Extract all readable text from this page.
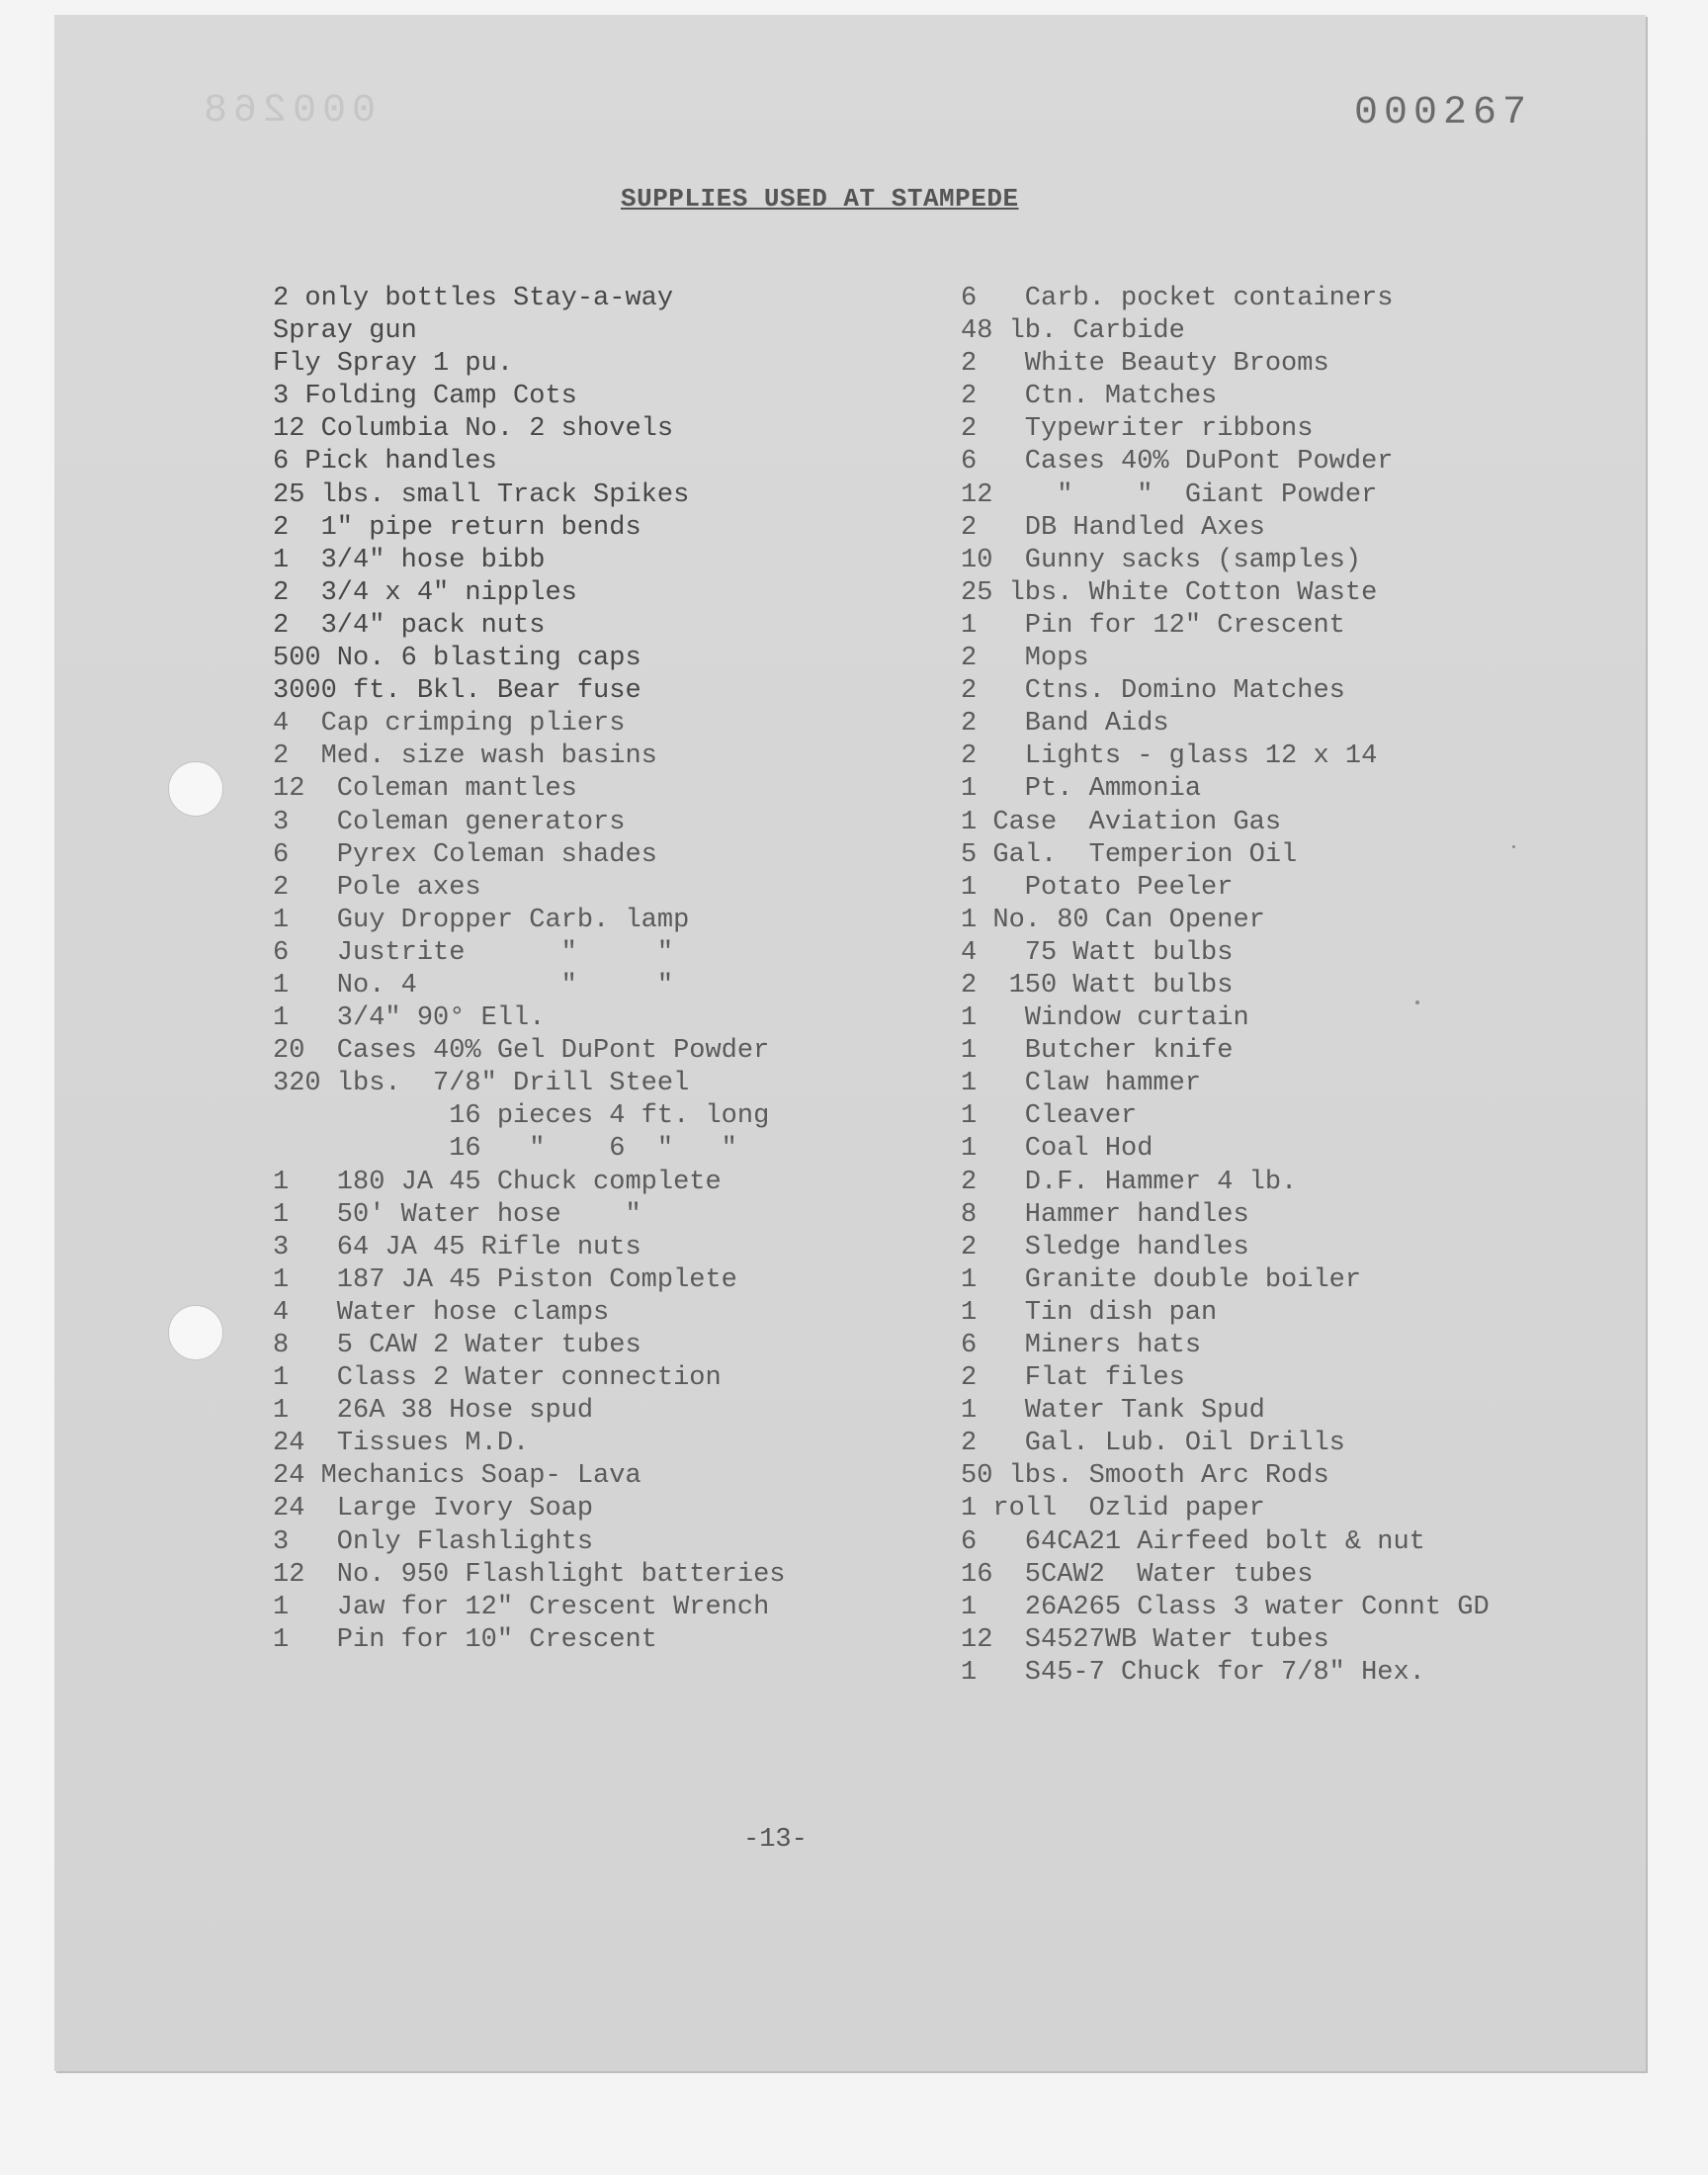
000268	000267
SUPPLIES USED AT STAMPEDE
2 only bottles Stay-a-way
Spray gun
Fly Spray 1 pu.
3 Folding Camp Cots
12 Columbia No. 2 shovels
6 Pick handles
25 lbs. small Track Spikes
2  1" pipe return bends
1  3/4" hose bibb
2  3/4 x 4" nipples
2  3/4" pack nuts
500 No. 6 blasting caps
3000 ft. Bkl. Bear fuse
4  Cap crimping pliers
2  Med. size wash basins
12  Coleman mantles
3   Coleman generators
6   Pyrex Coleman shades
2   Pole axes
1   Guy Dropper Carb. lamp
6   Justrite      "     "
1   No. 4         "     "
1   3/4" 90° Ell.
20  Cases 40% Gel DuPont Powder
320 lbs.  7/8" Drill Steel
16 pieces 4 ft. long
16   "    6  "   "
1   180 JA 45 Chuck complete
1   50' Water hose    "
3   64 JA 45 Rifle nuts
1   187 JA 45 Piston Complete
4   Water hose clamps
8   5 CAW 2 Water tubes
1   Class 2 Water connection
1   26A 38 Hose spud
24  Tissues M.D.
24 Mechanics Soap- Lava
24  Large Ivory Soap
3   Only Flashlights
12  No. 950 Flashlight batteries
1   Jaw for 12" Crescent Wrench
1   Pin for 10" Crescent
6   Carb. pocket containers
48 lb. Carbide
2   White Beauty Brooms
2   Ctn. Matches
2   Typewriter ribbons
6   Cases 40% DuPont Powder
12    "    "  Giant Powder
2   DB Handled Axes
10  Gunny sacks (samples)
25 lbs. White Cotton Waste
1   Pin for 12" Crescent
2   Mops
2   Ctns. Domino Matches
2   Band Aids
2   Lights - glass 12 x 14
1   Pt. Ammonia
1 Case  Aviation Gas
5 Gal.  Temperion Oil
1   Potato Peeler
1 No. 80 Can Opener
4   75 Watt bulbs
2  150 Watt bulbs
1   Window curtain
1   Butcher knife
1   Claw hammer
1   Cleaver
1   Coal Hod
2   D.F. Hammer 4 lb.
8   Hammer handles
2   Sledge handles
1   Granite double boiler
1   Tin dish pan
6   Miners hats
2   Flat files
1   Water Tank Spud
2   Gal. Lub. Oil Drills
50 lbs. Smooth Arc Rods
1 roll  Ozlid paper
6   64CA21 Airfeed bolt & nut
16  5CAW2  Water tubes
1   26A265 Class 3 water Connt GD
12  S4527WB Water tubes
1   S45-7 Chuck for 7/8" Hex.
-13-
